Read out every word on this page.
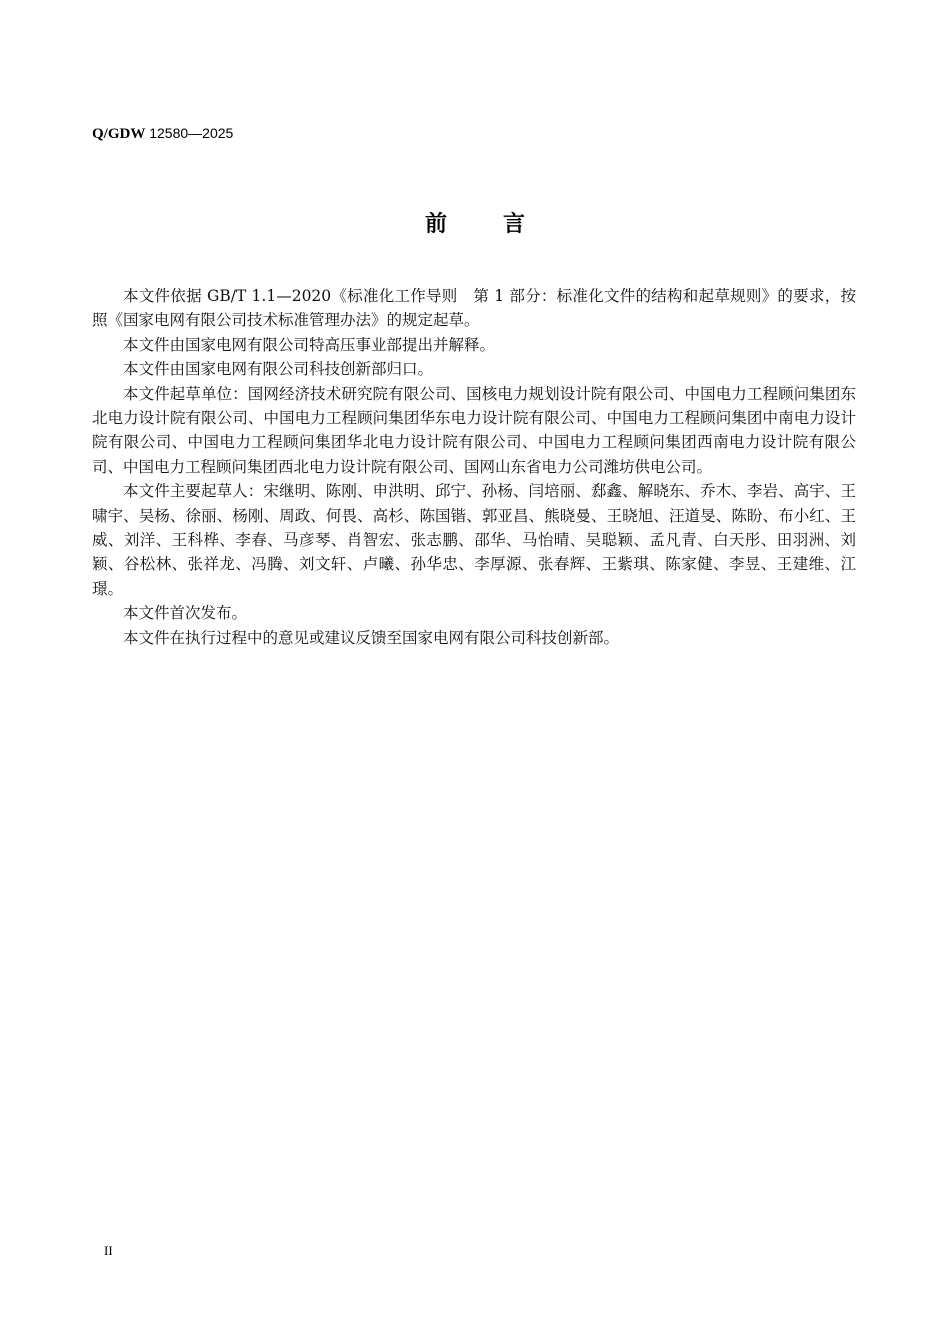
Q/GDW 12580—2025
前	言

本文件依据 GB/T 1.1—2020《标准化工作导则　第 1 部分：标准化文件的结构和起草规则》的要求，按照《国家电网有限公司技术标准管理办法》的规定起草。

本文件由国家电网有限公司特高压事业部提出并解释。

本文件由国家电网有限公司科技创新部归口。

本文件起草单位：国网经济技术研究院有限公司、国核电力规划设计院有限公司、中国电力工程顾问集团东北电力设计院有限公司、中国电力工程顾问集团华东电力设计院有限公司、中国电力工程顾问集团中南电力设计院有限公司、中国电力工程顾问集团华北电力设计院有限公司、中国电力工程顾问集团西南电力设计院有限公司、中国电力工程顾问集团西北电力设计院有限公司、国网山东省电力公司潍坊供电公司。

本文件主要起草人：宋继明、陈刚、申洪明、邱宁、孙杨、闫培丽、郄鑫、解晓东、乔木、李岩、高宇、王啸宇、吴杨、徐丽、杨刚、周政、何畏、高杉、陈国锴、郭亚昌、熊晓曼、王晓旭、汪道旻、陈盼、布小红、王威、刘洋、王科桦、李春、马彦琴、肖智宏、张志鹏、邵华、马怡晴、吴聪颖、孟凡青、白天彤、田羽洲、刘颖、谷松林、张祥龙、冯腾、刘文轩、卢曦、孙华忠、李厚源、张春辉、王紫琪、陈家健、李昱、王建维、江璟。

本文件首次发布。

本文件在执行过程中的意见或建议反馈至国家电网有限公司科技创新部。

II
